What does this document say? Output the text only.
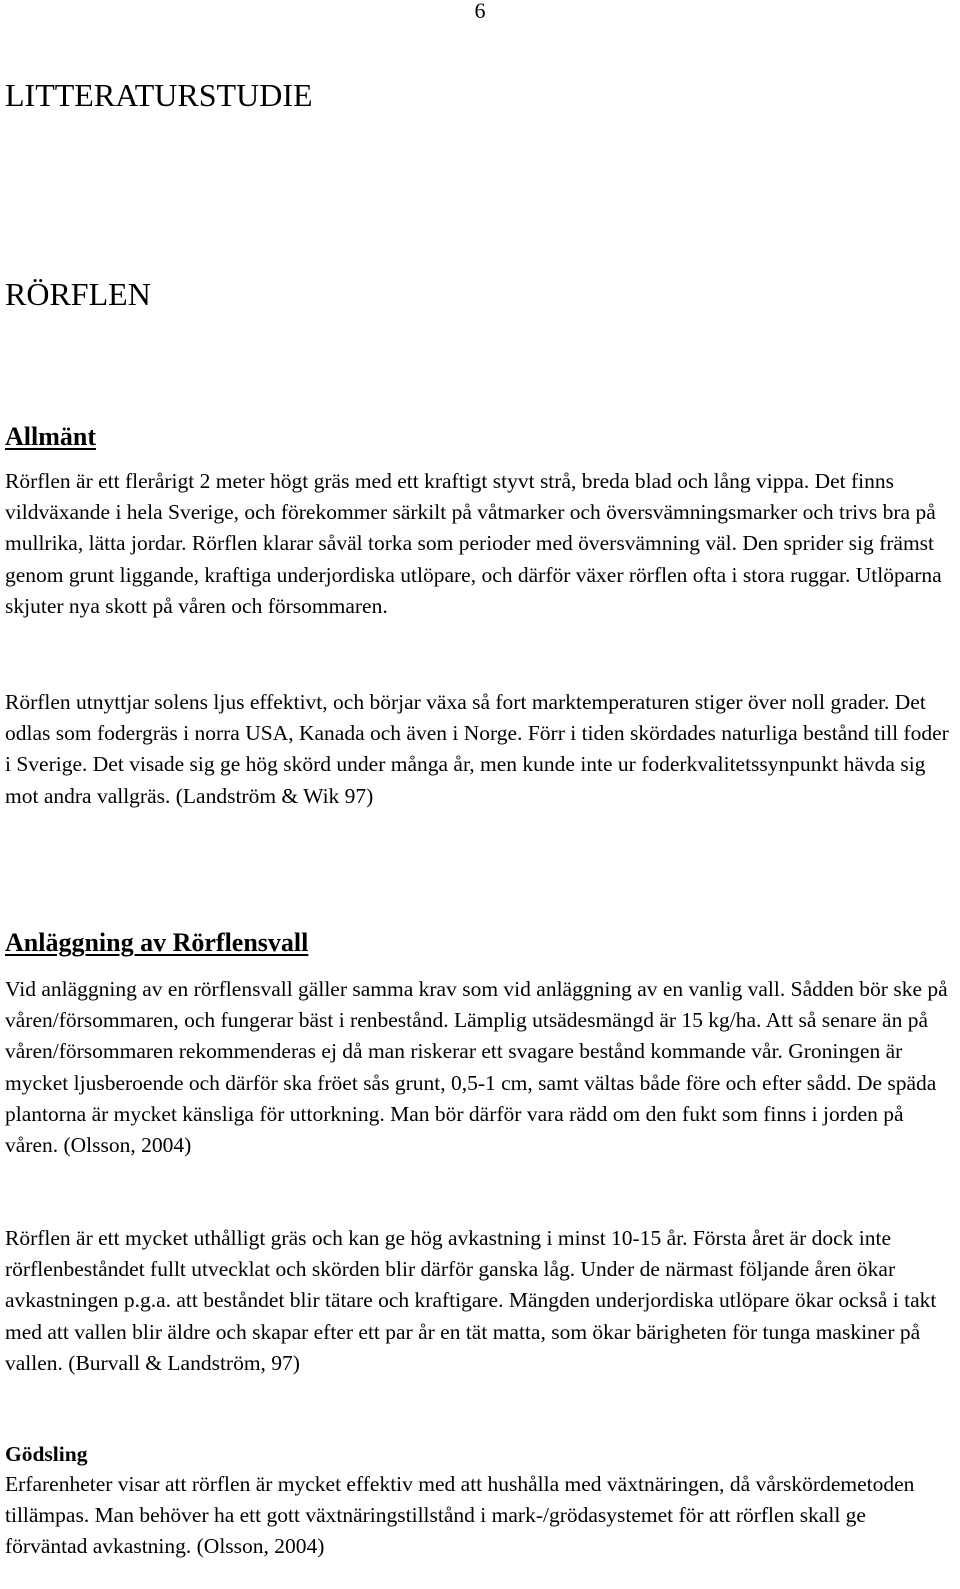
6
LITTERATURSTUDIE
RÖRFLEN
Allmänt

Rörflen är ett flerårigt 2 meter högt gräs med ett kraftigt styvt strå, breda blad och lång vippa. Det finns vildväxande i hela Sverige, och förekommer särkilt på våtmarker och översvämningsmarker och trivs bra på mullrika, lätta jordar. Rörflen klarar såväl torka som perioder med översvämning väl. Den sprider sig främst genom grunt liggande, kraftiga underjordiska utlöpare, och därför växer rörflen ofta i stora ruggar. Utlöparna skjuter nya skott på våren och försommaren.

Rörflen utnyttjar solens ljus effektivt, och börjar växa så fort marktemperaturen stiger över noll grader. Det odlas som fodergräs i norra USA, Kanada och även i Norge. Förr i tiden skördades naturliga bestånd till foder i Sverige. Det visade sig ge hög skörd under många år, men kunde inte ur foderkvalitetssynpunkt hävda sig mot andra vallgräs. (Landström & Wik 97)

Anläggning av Rörflensvall

Vid anläggning av en rörflensvall gäller samma krav som vid anläggning av en vanlig vall. Sådden bör ske på våren/försommaren, och fungerar bäst i renbestånd. Lämplig utsädesmängd är 15 kg/ha. Att så senare än på våren/försommaren rekommenderas ej då man riskerar ett svagare bestånd kommande vår. Groningen är mycket ljusberoende och därför ska fröet sås grunt, 0,5-1 cm, samt vältas både före och efter sådd. De späda plantorna är mycket känsliga för uttorkning. Man bör därför vara rädd om den fukt som finns i jorden på våren. (Olsson, 2004)

Rörflen är ett mycket uthålligt gräs och kan ge hög avkastning i minst 10-15 år. Första året är dock inte rörflenbeståndet fullt utvecklat och skörden blir därför ganska låg. Under de närmast följande åren ökar avkastningen p.g.a. att beståndet blir tätare och kraftigare. Mängden underjordiska utlöpare ökar också i takt med att vallen blir äldre och skapar efter ett par år en tät matta, som ökar bärigheten för tunga maskiner på vallen. (Burvall & Landström, 97)

Gödsling

Erfarenheter visar att rörflen är mycket effektiv med att hushålla med växtnäringen, då vårskördemetoden tillämpas. Man behöver ha ett gott växtnäringstillstånd i mark-/grödasystemet för att rörflen skall ge förväntad avkastning. (Olsson, 2004)
